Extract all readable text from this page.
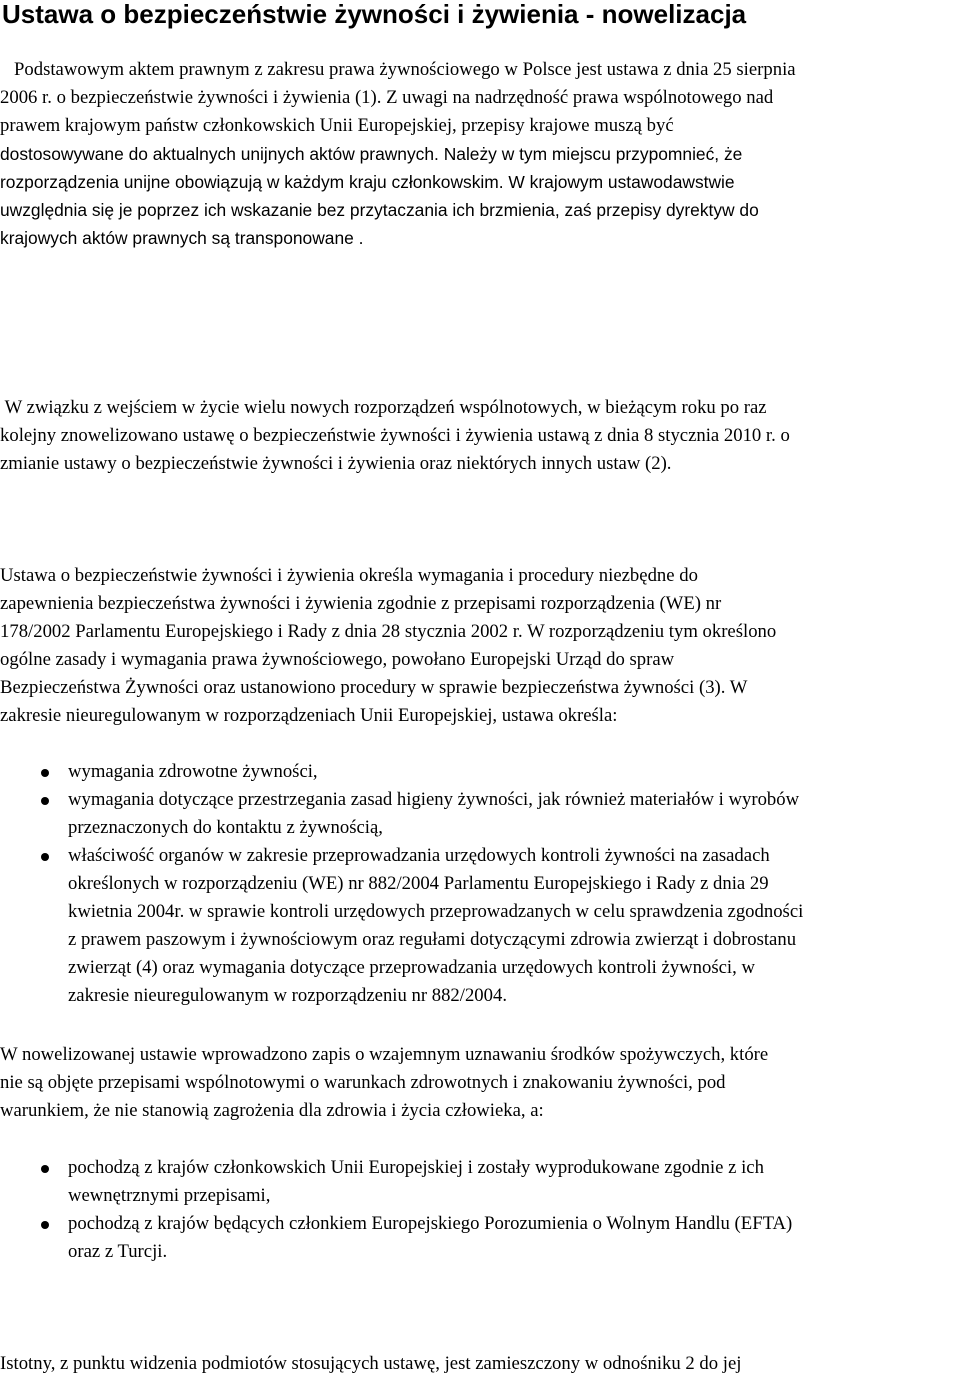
Ustawa o bezpieczeństwie żywności i żywienia - nowelizacja
Podstawowym aktem prawnym z zakresu prawa żywnościowego w Polsce jest ustawa z dnia 25 sierpnia
2006 r. o bezpieczeństwie żywności i żywienia (1). Z uwagi na nadrzędność prawa wspólnotowego nad
prawem krajowym państw członkowskich Unii Europejskiej, przepisy krajowe muszą być
dostosowywane do aktualnych unijnych aktów prawnych. Należy w tym miejscu przypomnieć, że
rozporządzenia unijne obowiązują w każdym kraju członkowskim. W krajowym ustawodawstwie
uwzględnia się je poprzez ich wskazanie bez przytaczania ich brzmienia, zaś przepisy dyrektyw do
krajowych aktów prawnych są transponowane .
W związku z wejściem w życie wielu nowych rozporządzeń wspólnotowych, w bieżącym roku po raz
kolejny znowelizowano ustawę o bezpieczeństwie żywności i żywienia ustawą z dnia 8 stycznia 2010 r. o
zmianie ustawy o bezpieczeństwie żywności i żywienia oraz niektórych innych ustaw (2).
Ustawa o bezpieczeństwie żywności i żywienia określa wymagania i procedury niezbędne do
zapewnienia bezpieczeństwa żywności i żywienia zgodnie z przepisami rozporządzenia (WE) nr
178/2002 Parlamentu Europejskiego i Rady z dnia 28 stycznia 2002 r. W rozporządzeniu tym określono
ogólne zasady i wymagania prawa żywnościowego, powołano Europejski Urząd do spraw
Bezpieczeństwa Żywności oraz ustanowiono procedury w sprawie bezpieczeństwa żywności (3). W
zakresie nieuregulowanym w rozporządzeniach Unii Europejskiej, ustawa określa:
wymagania zdrowotne żywności,
wymagania dotyczące przestrzegania zasad higieny żywności, jak również materiałów i wyrobów
przeznaczonych do kontaktu z żywnością,
właściwość organów w zakresie przeprowadzania urzędowych kontroli żywności na zasadach
określonych w rozporządzeniu (WE) nr 882/2004 Parlamentu Europejskiego i Rady z dnia 29
kwietnia 2004r. w sprawie kontroli urzędowych przeprowadzanych w celu sprawdzenia zgodności
z prawem paszowym i żywnościowym oraz regułami dotyczącymi zdrowia zwierząt i dobrostanu
zwierząt (4) oraz wymagania dotyczące przeprowadzania urzędowych kontroli żywności, w
zakresie nieuregulowanym w rozporządzeniu nr 882/2004.
W nowelizowanej ustawie wprowadzono zapis o wzajemnym uznawaniu środków spożywczych, które
nie są objęte przepisami wspólnotowymi o warunkach zdrowotnych i znakowaniu żywności, pod
warunkiem, że nie stanowią zagrożenia dla zdrowia i życia człowieka, a:
pochodzą z krajów członkowskich Unii Europejskiej i zostały wyprodukowane zgodnie z ich
wewnętrznymi przepisami,
pochodzą z krajów będących członkiem Europejskiego Porozumienia o Wolnym Handlu (EFTA)
oraz z Turcji.
Istotny, z punktu widzenia podmiotów stosujących ustawę, jest zamieszczony w odnośniku 2 do jej
